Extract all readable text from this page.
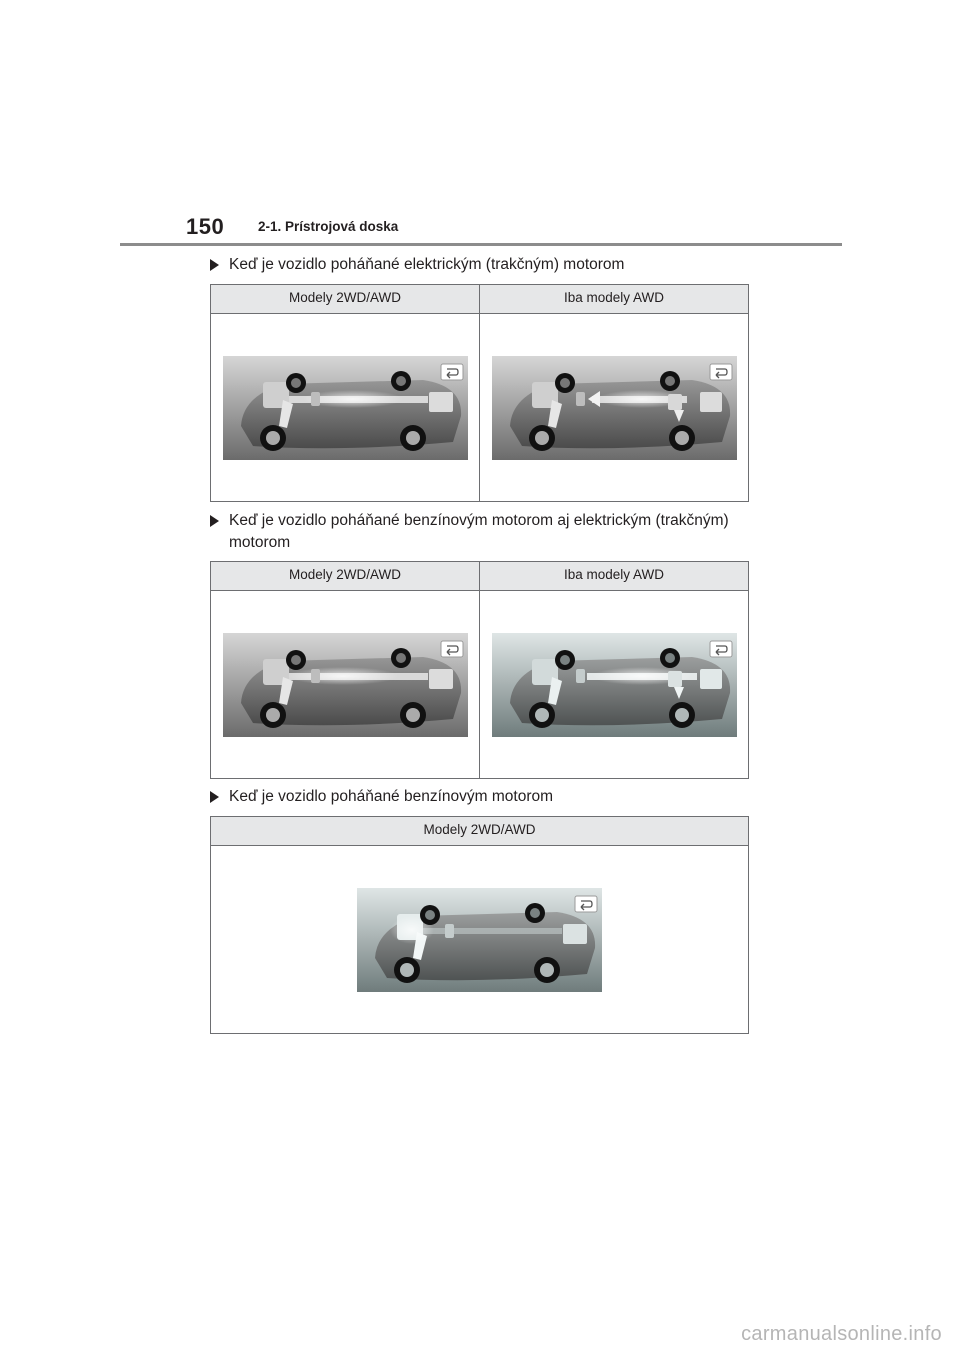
150	2-1. Prístrojová doska
Keď je vozidlo poháňané elektrickým (trakčným) motorom
Modely 2WD/AWD	Iba modely AWD
Keď je vozidlo poháňané benzínovým motorom aj elektrickým (trakčným)
motorom
Modely 2WD/AWD	Iba modely AWD
Keď je vozidlo poháňané benzínovým motorom
Modely 2WD/AWD
carmanualsonline.info
